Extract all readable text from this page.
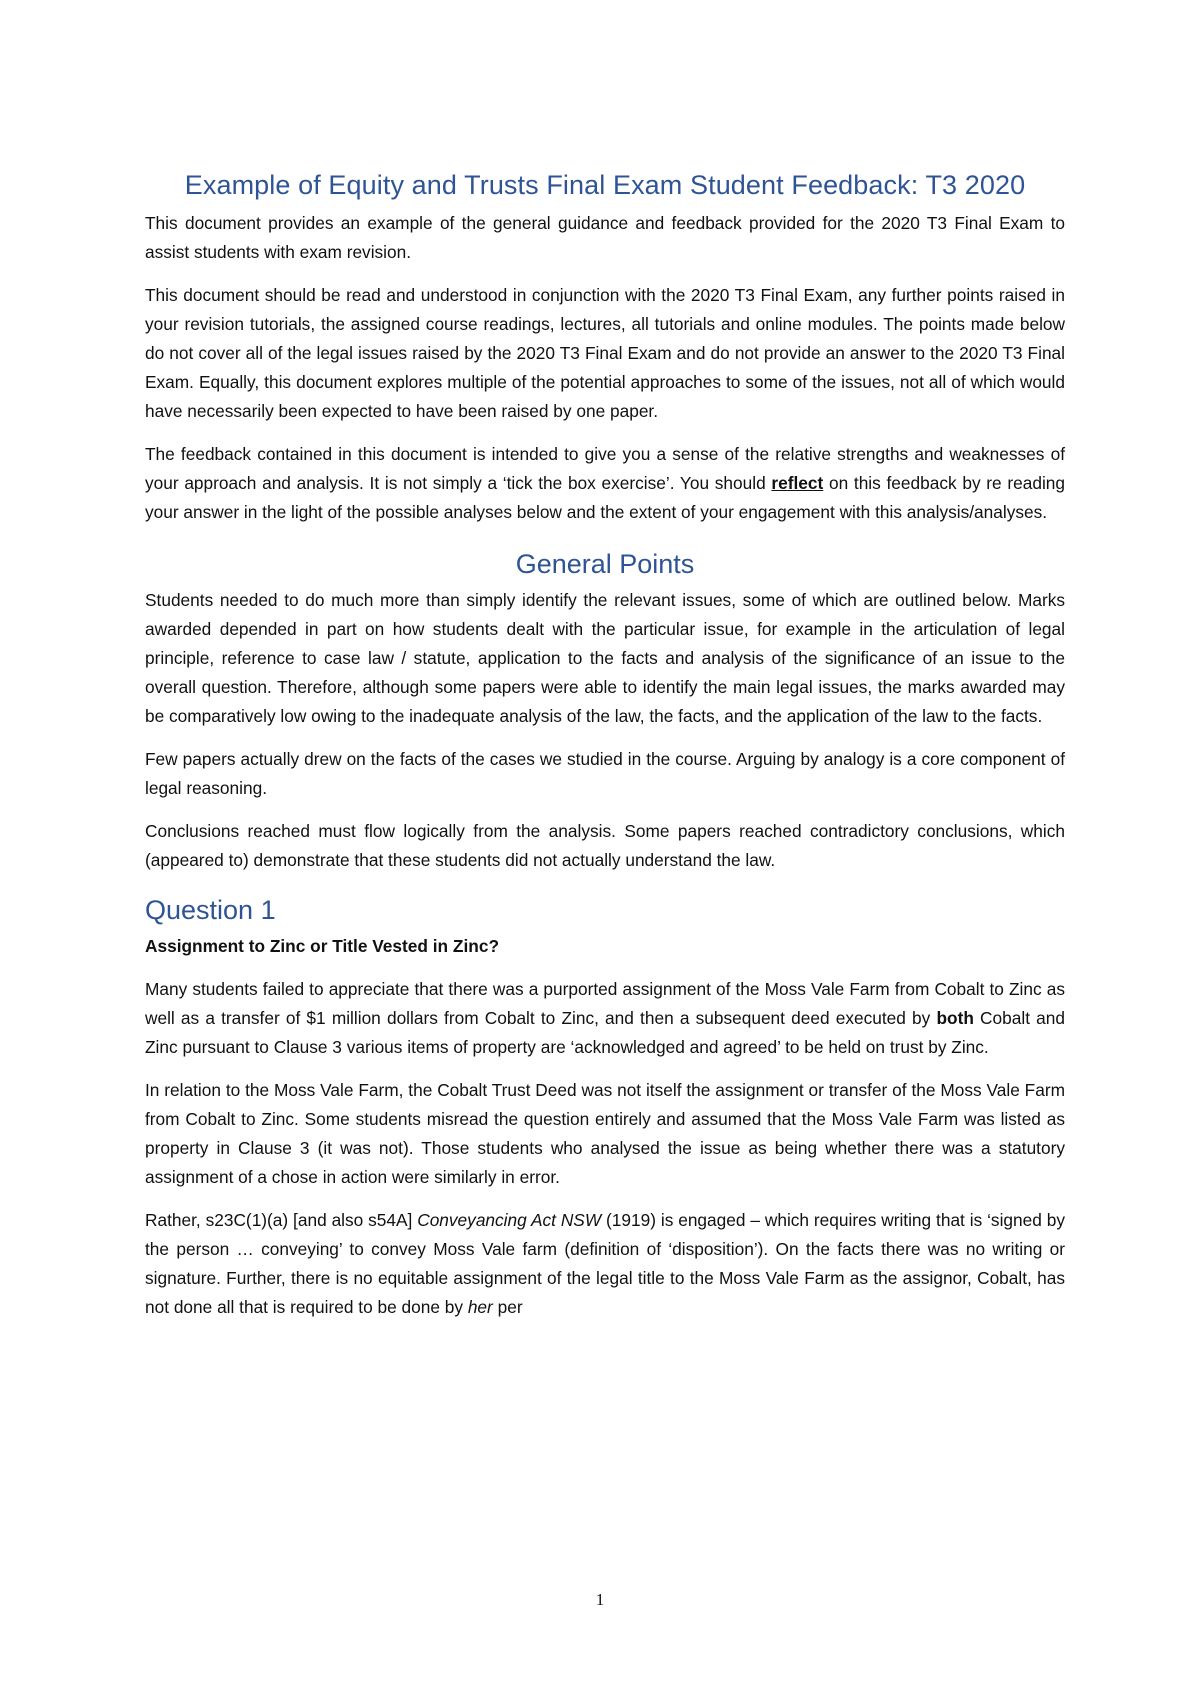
Example of Equity and Trusts Final Exam Student Feedback: T3 2020

This document provides an example of the general guidance and feedback provided for the 2020 T3 Final Exam to assist students with exam revision.

This document should be read and understood in conjunction with the 2020 T3 Final Exam, any further points raised in your revision tutorials, the assigned course readings, lectures, all tutorials and online modules. The points made below do not cover all of the legal issues raised by the 2020 T3 Final Exam and do not provide an answer to the 2020 T3 Final Exam. Equally, this document explores multiple of the potential approaches to some of the issues, not all of which would have necessarily been expected to have been raised by one paper.

The feedback contained in this document is intended to give you a sense of the relative strengths and weaknesses of your approach and analysis. It is not simply a ‘tick the box exercise’. You should reflect on this feedback by re reading your answer in the light of the possible analyses below and the extent of your engagement with this analysis/analyses.

General Points

Students needed to do much more than simply identify the relevant issues, some of which are outlined below. Marks awarded depended in part on how students dealt with the particular issue, for example in the articulation of legal principle, reference to case law / statute, application to the facts and analysis of the significance of an issue to the overall question. Therefore, although some papers were able to identify the main legal issues, the marks awarded may be comparatively low owing to the inadequate analysis of the law, the facts, and the application of the law to the facts.

Few papers actually drew on the facts of the cases we studied in the course. Arguing by analogy is a core component of legal reasoning.

Conclusions reached must flow logically from the analysis. Some papers reached contradictory conclusions, which (appeared to) demonstrate that these students did not actually understand the law.

Question 1
Assignment to Zinc or Title Vested in Zinc?

Many students failed to appreciate that there was a purported assignment of the Moss Vale Farm from Cobalt to Zinc as well as a transfer of $1 million dollars from Cobalt to Zinc, and then a subsequent deed executed by both Cobalt and Zinc pursuant to Clause 3 various items of property are ‘acknowledged and agreed’ to be held on trust by Zinc.

In relation to the Moss Vale Farm, the Cobalt Trust Deed was not itself the assignment or transfer of the Moss Vale Farm from Cobalt to Zinc. Some students misread the question entirely and assumed that the Moss Vale Farm was listed as property in Clause 3 (it was not). Those students who analysed the issue as being whether there was a statutory assignment of a chose in action were similarly in error.

Rather, s23C(1)(a) [and also s54A] Conveyancing Act NSW (1919) is engaged – which requires writing that is ‘signed by the person … conveying’ to convey Moss Vale farm (definition of ‘disposition’). On the facts there was no writing or signature. Further, there is no equitable assignment of the legal title to the Moss Vale Farm as the assignor, Cobalt, has not done all that is required to be done by her per

1
